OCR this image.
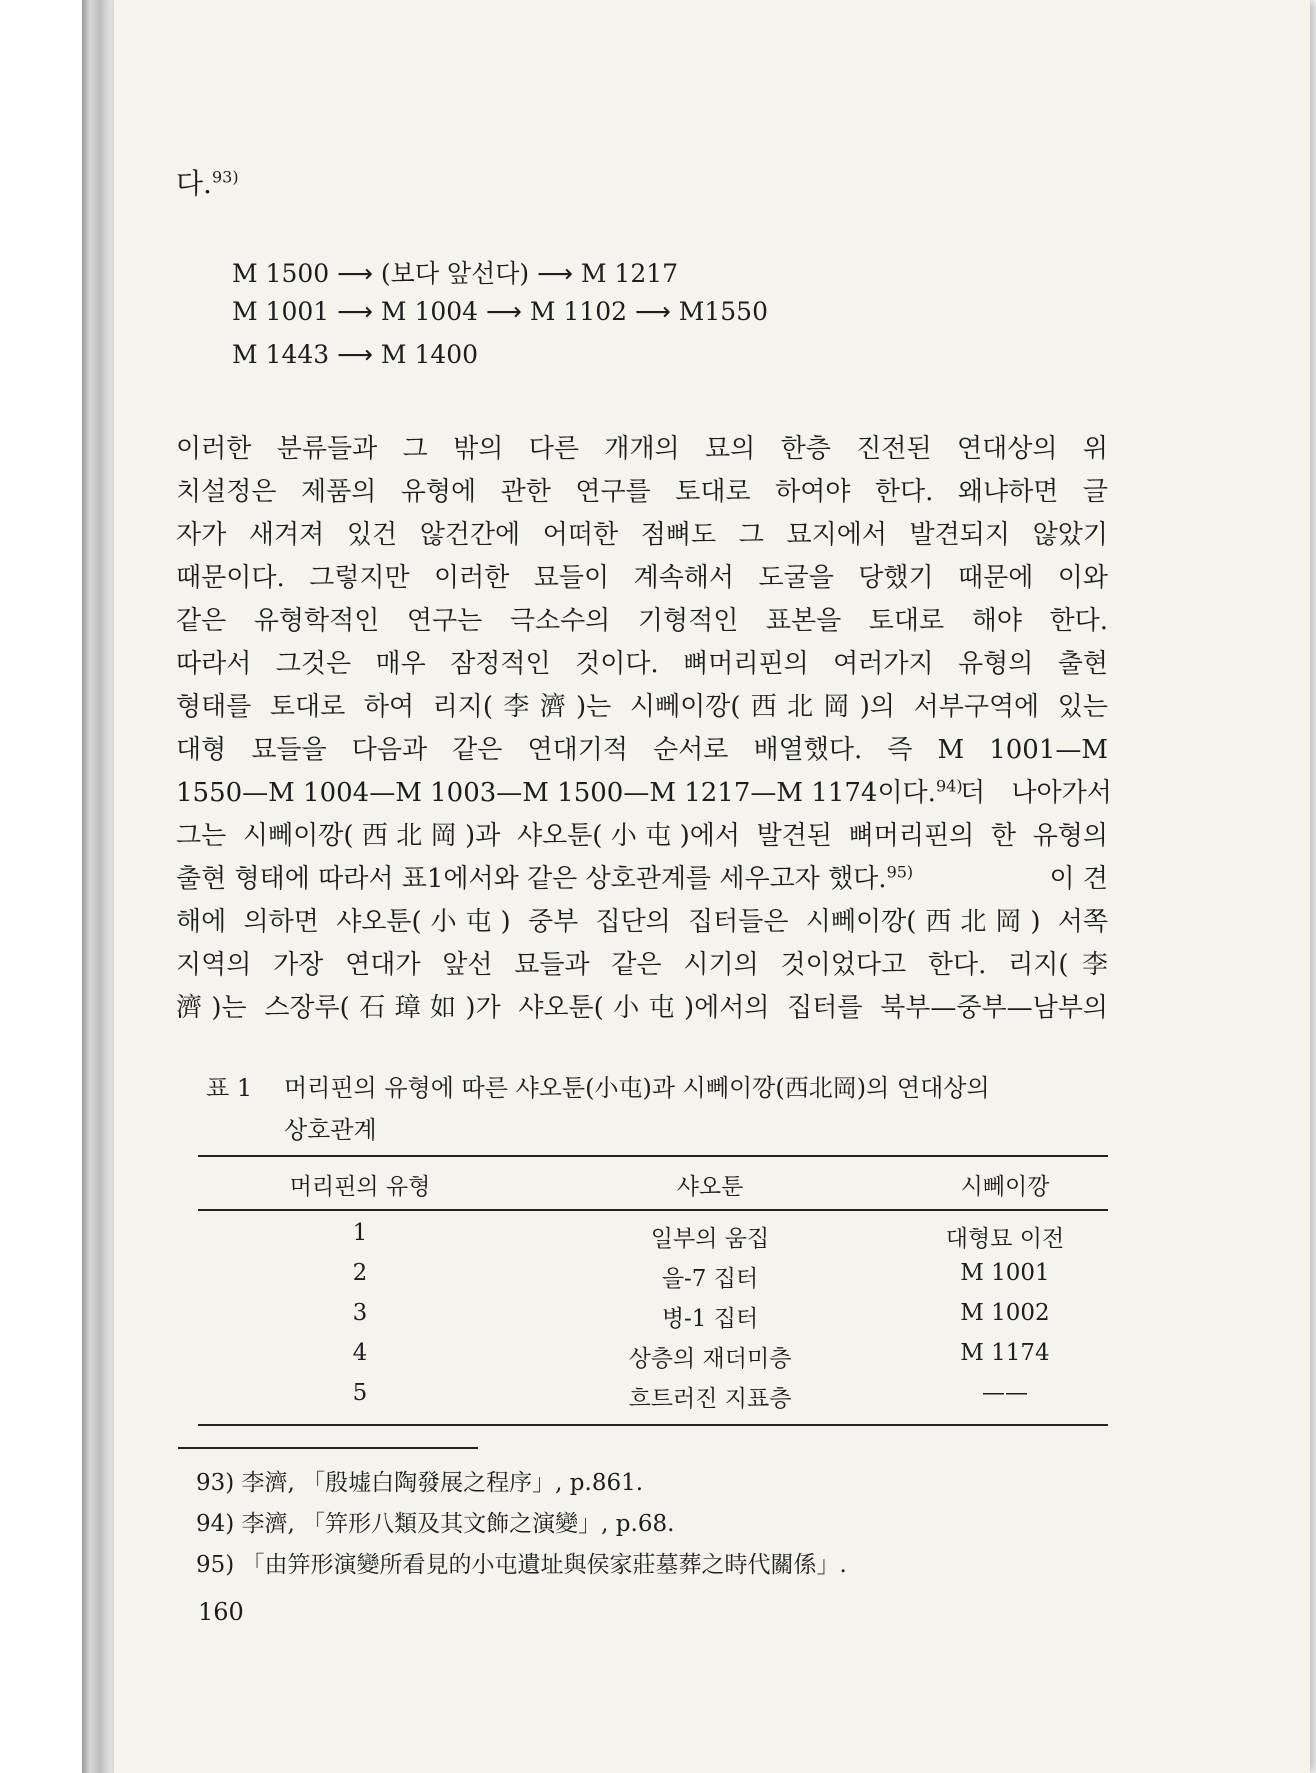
다.$^{93)}$
M 1500 ⟶ (보다 앞선다) ⟶ M 1217
M 1001 ⟶ M 1004 ⟶ M 1102 ⟶ M1550
M 1443 ⟶ M 1400
이러한 분류들과 그 밖의 다른 개개의 묘의 한층 진전된 연대상의 위
치설정은 제품의 유형에 관한 연구를 토대로 하여야 한다. 왜냐하면 글
자가 새겨져 있건 않건간에 어떠한 점뼈도 그 묘지에서 발견되지 않았기
때문이다. 그렇지만 이러한 묘들이 계속해서 도굴을 당했기 때문에 이와
같은 유형학적인 연구는 극소수의 기형적인 표본을 토대로 해야 한다.
따라서 그것은 매우 잠정적인 것이다. 뼈머리핀의 여러가지 유형의 출현
형태를 토대로 하여 리지(李濟)는 시뻬이깡(西北岡)의 서부구역에 있는
대형 묘들을 다음과 같은 연대기적 순서로 배열했다. 즉 M 1001—M
1550—M 1004—M 1003—M 1500—M 1217—M 1174이다.$^{94)}$
더 나아가서
그는 시뻬이깡(西北岡)과 샤오툰(小屯)에서 발견된 뼈머리핀의 한 유형의
출현 형태에 따라서 표1에서와 같은 상호관계를 세우고자 했다.$^{95)}$	이 견
해에 의하면 샤오툰(小屯) 중부 집단의 집터들은 시뻬이깡(西北岡) 서쪽
지역의 가장 연대가 앞선 묘들과 같은 시기의 것이었다고 한다. 리지(李
濟)는 스장루(石璋如)가 샤오툰(小屯)에서의 집터를 북부—중부—남부의
표 1 머리핀의 유형에 따른 샤오툰(小屯)과 시뻬이깡(西北岡)의 연대상의
상호관계
머리핀의 유형	샤오툰	시뻬이깡
1	일부의 움집	대형묘 이전
2	을-7 집터	M 1001
3	병-1 집터	M 1002
4	상층의 재더미층	M 1174
5	흐트러진 지표층	——
93) 李濟, 「殷墟白陶發展之程序」, p.861.
94) 李濟, 「笄形八類及其文飾之演變」, p.68.
95) 「由笄形演變所看見的小屯遺址與侯家莊墓葬之時代關係」.
160
